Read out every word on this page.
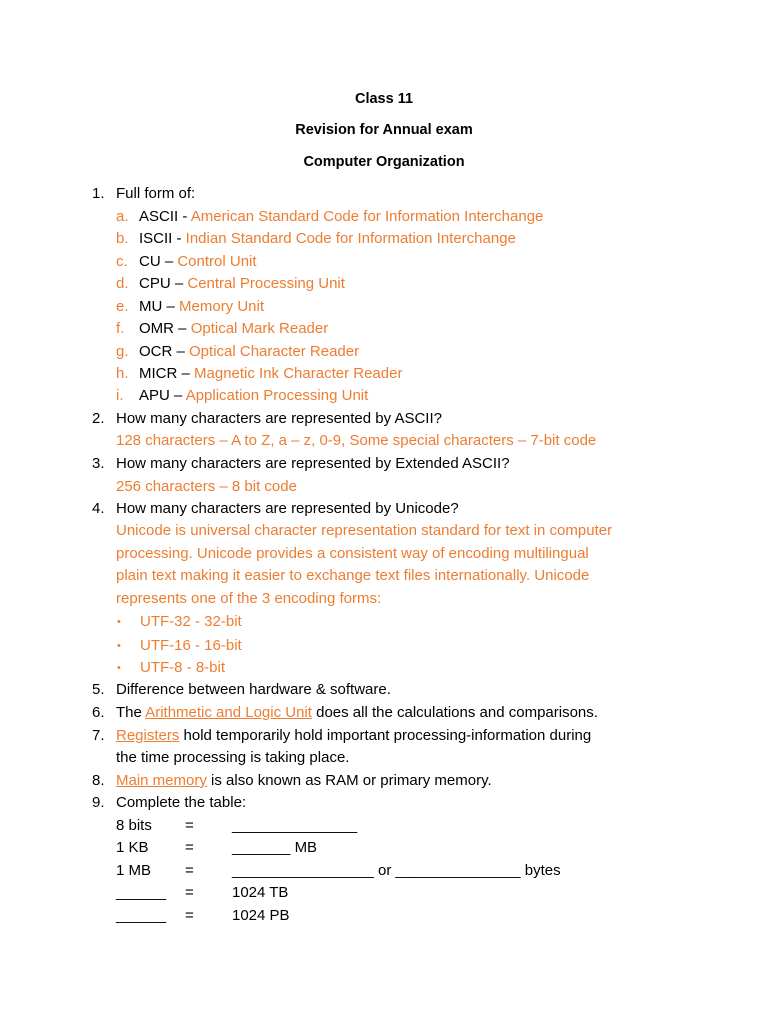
Class 11
Revision for Annual exam
Computer Organization
1. Full form of:
a. ASCII - American Standard Code for Information Interchange
b. ISCII - Indian Standard Code for Information Interchange
c. CU – Control Unit
d. CPU – Central Processing Unit
e. MU – Memory Unit
f. OMR – Optical Mark Reader
g. OCR – Optical Character Reader
h. MICR – Magnetic Ink Character Reader
i. APU – Application Processing Unit
2. How many characters are represented by ASCII?
128 characters – A to Z, a – z, 0-9, Some special characters – 7-bit code
3. How many characters are represented by Extended ASCII?
256 characters – 8 bit code
4. How many characters are represented by Unicode?
Unicode is universal character representation standard for text in computer
processing. Unicode provides a consistent way of encoding multilingual
plain text making it easier to exchange text files internationally. Unicode
represents one of the 3 encoding forms:
• UTF-32 - 32-bit
• UTF-16 - 16-bit
• UTF-8 - 8-bit
5. Difference between hardware & software.
6. The Arithmetic and Logic Unit does all the calculations and comparisons.
7. Registers hold temporarily hold important processing-information during
the time processing is taking place.
8. Main memory is also known as RAM or primary memory.
9. Complete the table:
8 bits =	_______________
1 KB =	_______ MB
1 MB =	_________________ or _______________ bytes
______ =	1024 TB
______ =	1024 PB
